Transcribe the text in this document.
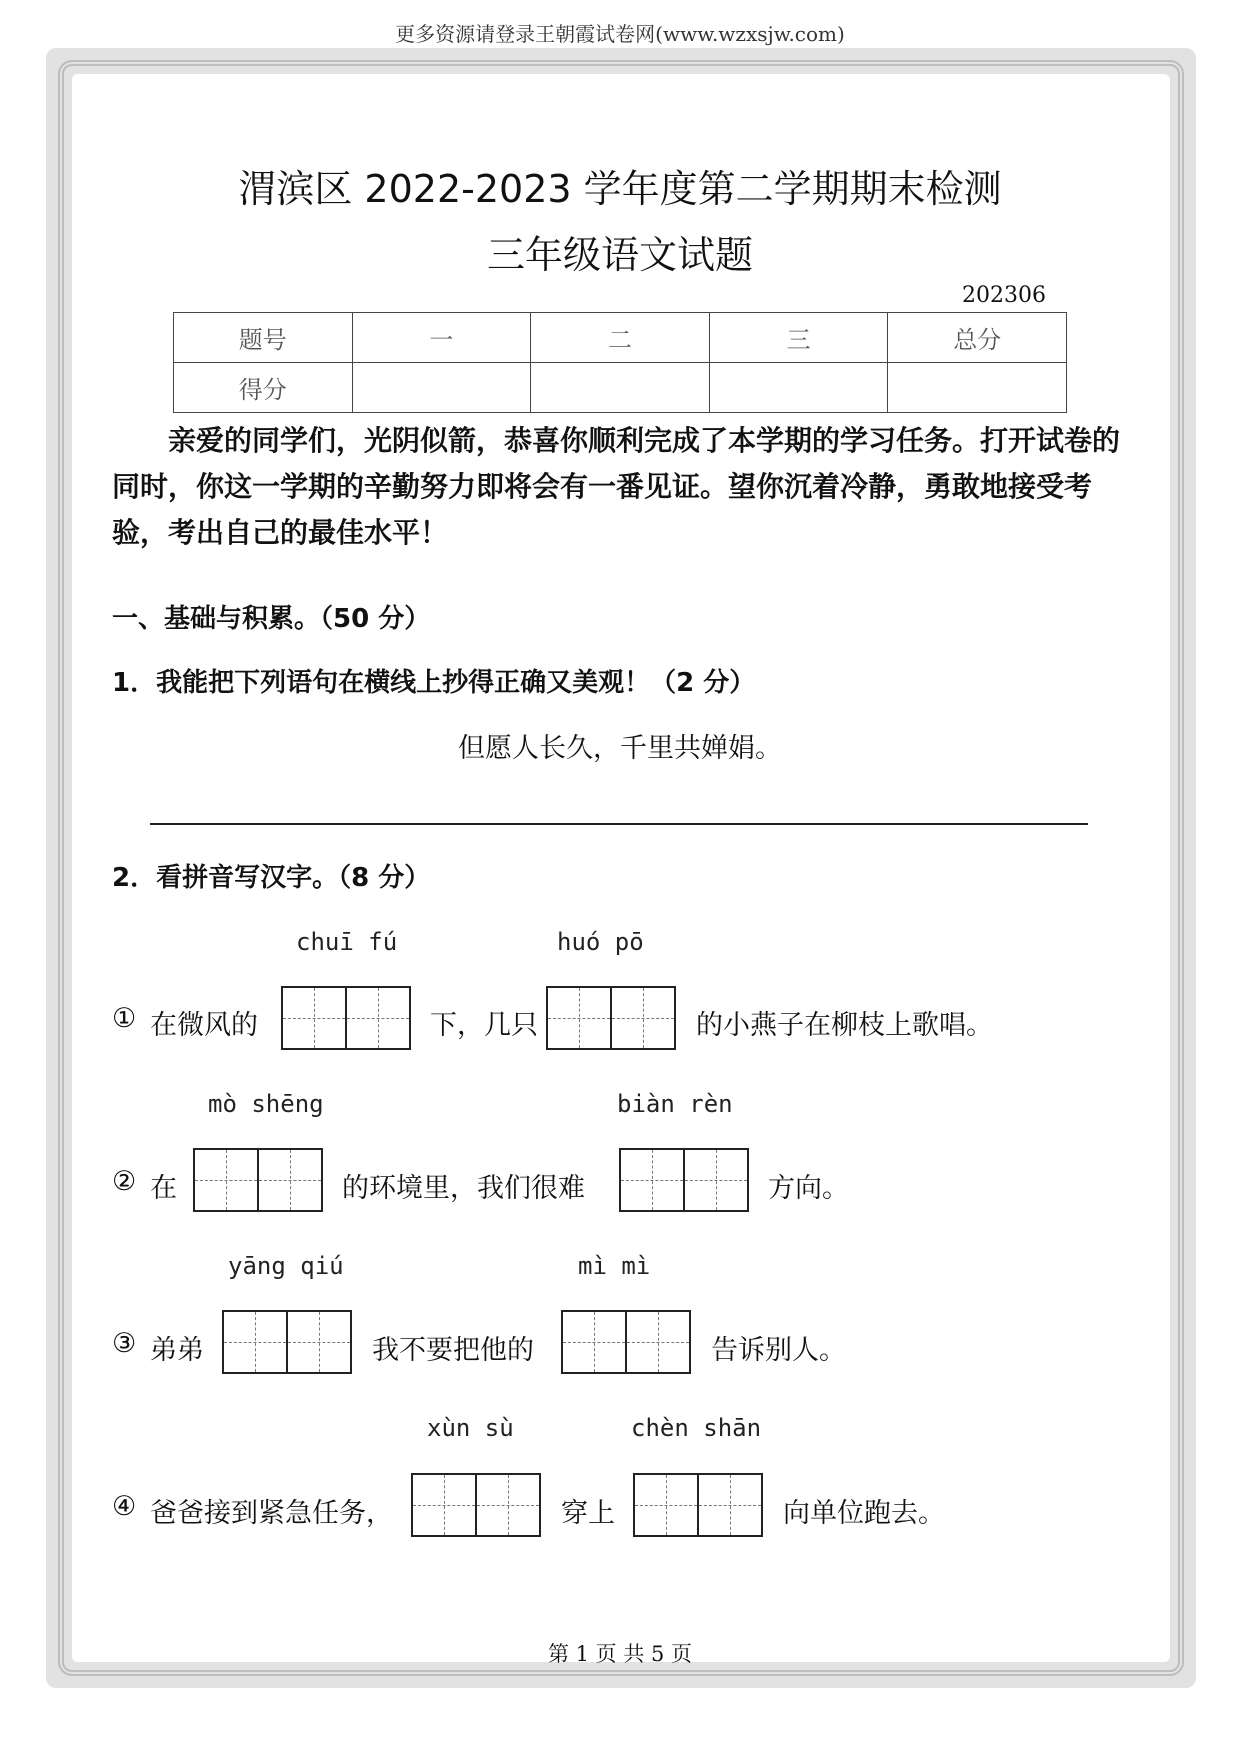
更多资源请登录王朝霞试卷网(www.wzxsjw.com)
渭滨区 2022-2023 学年度第二学期期末检测
三年级语文试题
202306
题号	一	二	三	总分
得分				
亲爱的同学们，光阴似箭，恭喜你顺利完成了本学期的学习任务。打开试卷的同时，你这一学期的辛勤努力即将会有一番见证。望你沉着冷静，勇敢地接受考验，考出自己的最佳水平！
一、基础与积累。（50 分）
1．我能把下列语句在横线上抄得正确又美观！（2 分）
但愿人长久，千里共婵娟。
2．看拼音写汉字。（8 分）
chuī fú	huó pō
① 在微风的	下，几只	的小燕子在柳枝上歌唱。
mò shēng	biàn rèn
② 在	的环境里，我们很难	方向。
yāng qiú	mì mì
③ 弟弟	我不要把他的	告诉别人。
xùn sù	chèn shān
④ 爸爸接到紧急任务，	穿上	向单位跑去。
第 1 页 共 5 页
